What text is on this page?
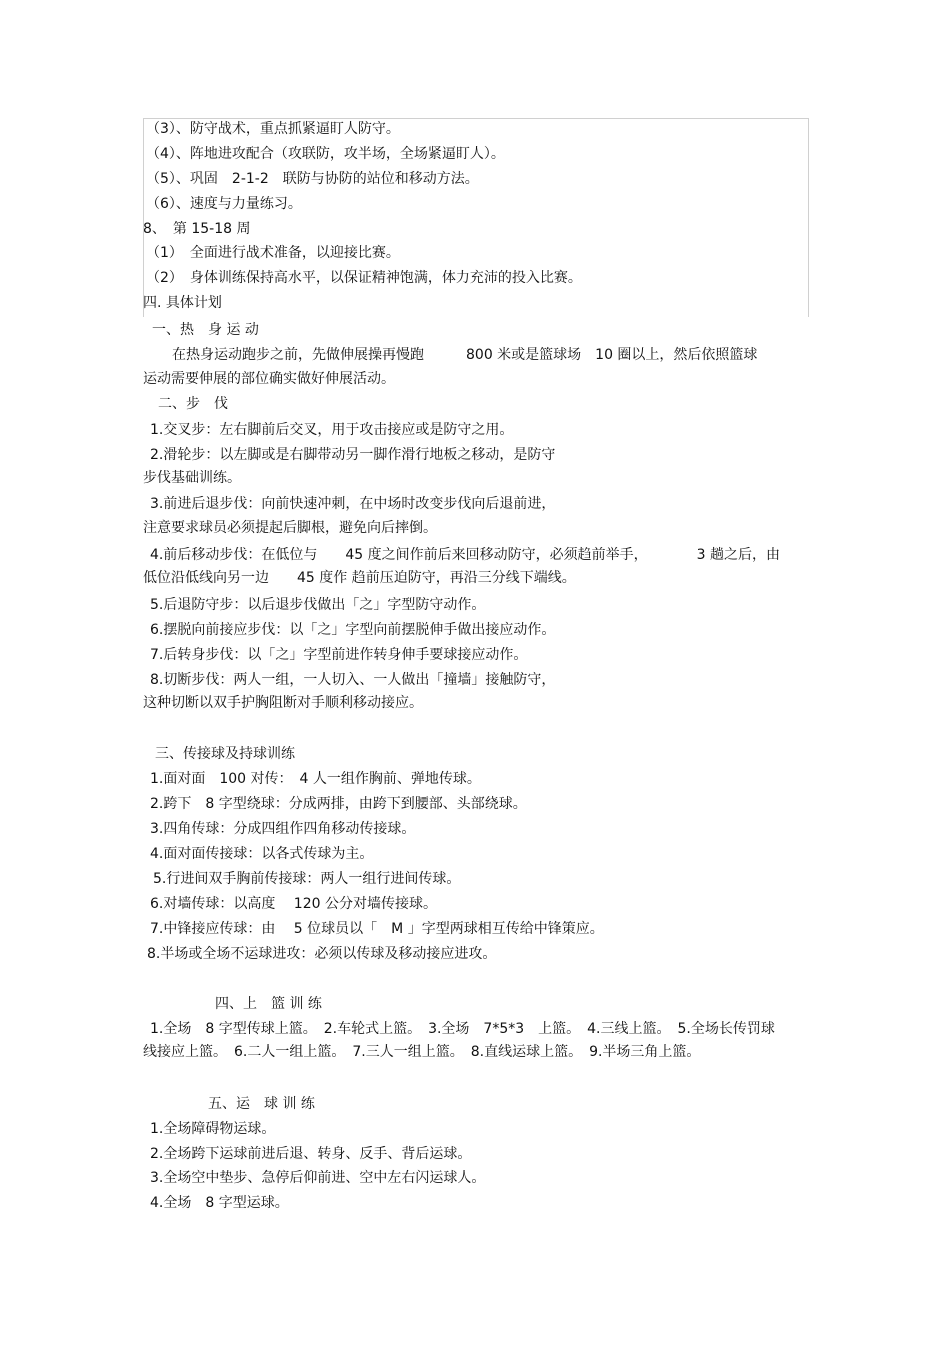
（3）、防守战术，重点抓紧逼盯人防守。
（4）、阵地进攻配合（攻联防，攻半场，全场紧逼盯人）。
（5）、巩固　2-1-2　联防与协防的站位和移动方法。
（6）、速度与力量练习。
8、　第 15-18 周
（1）　全面进行战术准备，以迎接比赛。
（2）　身体训练保持高水平，以保证精神饱满，体力充沛的投入比赛。
四. 具体计划
一、热　身 运 动
在热身运动跑步之前，先做伸展操再慢跑　　　800 米或是篮球场　10 圈以上，然后依照篮球
运动需要伸展的部位确实做好伸展活动。
二、步　伐
1.交叉步：左右脚前后交叉，用于攻击接应或是防守之用。
2.滑轮步：以左脚或是右脚带动另一脚作滑行地板之移动，是防守
步伐基础训练。
3.前进后退步伐：向前快速冲刺，在中场时改变步伐向后退前进，
注意要求球员必须提起后脚根，避免向后摔倒。
4.前后移动步伐：在低位与　　45 度之间作前后来回移动防守，必须趋前举手，　　　　3 趟之后，由
低位沿低线向另一边　　45 度作 趋前压迫防守，再沿三分线下端线。
5.后退防守步：以后退步伐做出「之」字型防守动作。
6.摆脱向前接应步伐：以「之」字型向前摆脱伸手做出接应动作。
7.后转身步伐：以「之」字型前进作转身伸手要球接应动作。
8.切断步伐：两人一组，一人切入、一人做出「撞墙」接触防守，
这种切断以双手护胸阻断对手顺利移动接应。
三、传接球及持球训练
1.面对面　100 对传：　4 人一组作胸前、弹地传球。
2.跨下　8 字型绕球：分成两排，由跨下到腰部、头部绕球。
3.四角传球：分成四组作四角移动传接球。
4.面对面传接球：以各式传球为主。
5.行进间双手胸前传接球：两人一组行进间传球。
6.对墙传球：以高度　 120 公分对墙传接球。
7.中锋接应传球：由　 5 位球员以「　M 」字型两球相互传给中锋策应。
8.半场或全场不运球进攻：必须以传球及移动接应进攻。
四、上　篮 训 练
1.全场　8 字型传球上篮。　2.车轮式上篮。　3.全场　7*5*3　上篮。　4.三线上篮。　5.全场长传罚球
线接应上篮。　6.二人一组上篮。　7.三人一组上篮。　8.直线运球上篮。　9.半场三角上篮。
五、运　球 训 练
1.全场障碍物运球。
2.全场跨下运球前进后退、转身、反手、背后运球。
3.全场空中垫步、急停后仰前进、空中左右闪运球人。
4.全场　8 字型运球。
